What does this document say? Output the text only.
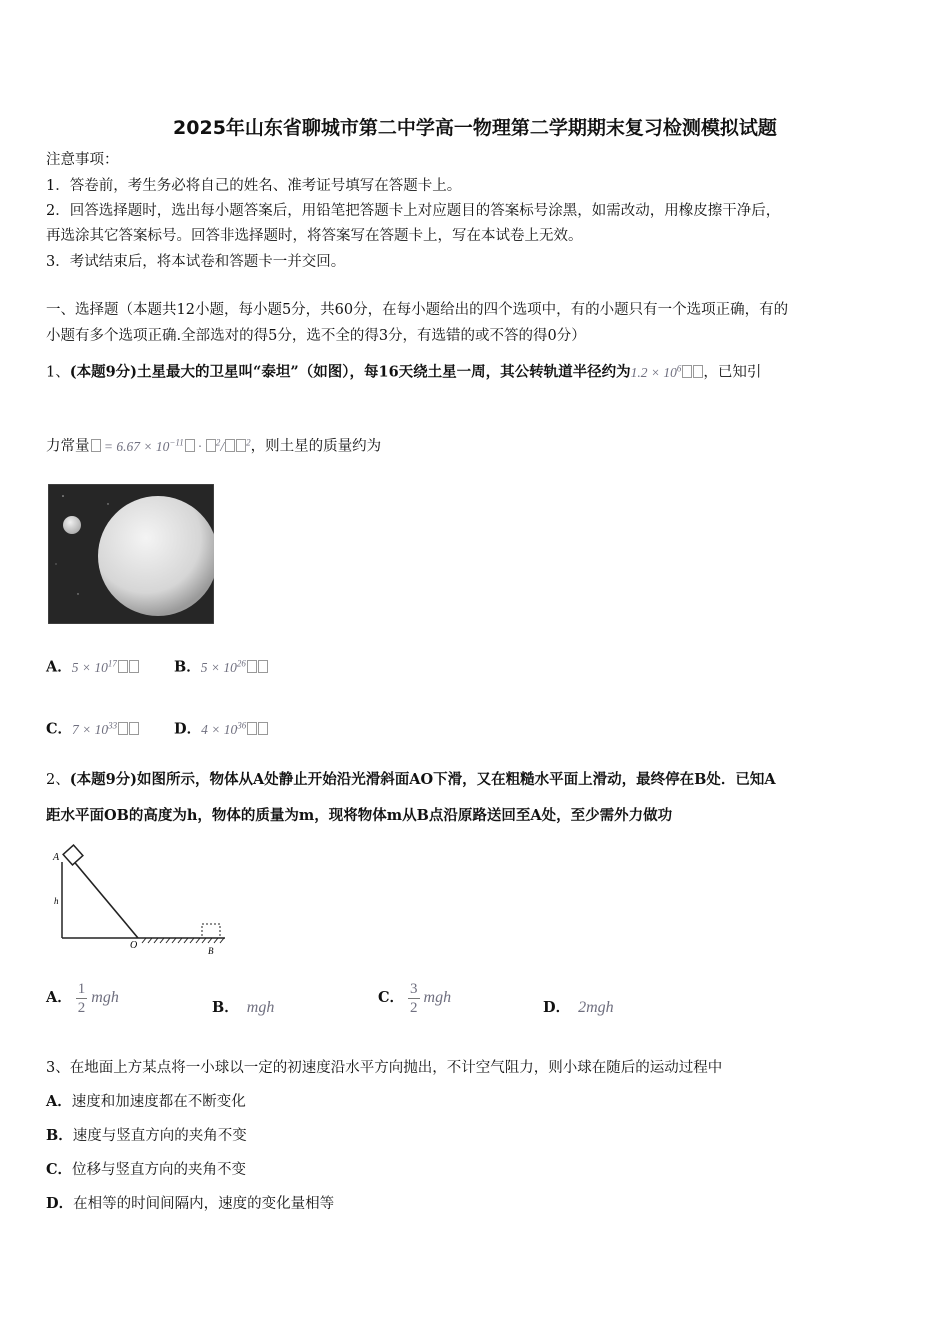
2025年山东省聊城市第二中学高一物理第二学期期末复习检测模拟试题
注意事项：
1．答卷前，考生务必将自己的姓名、准考证号填写在答题卡上。
2．回答选择题时，选出每小题答案后，用铅笔把答题卡上对应题目的答案标号涂黑，如需改动，用橡皮擦干净后，
再选涂其它答案标号。回答非选择题时，将答案写在答题卡上，写在本试卷上无效。
3．考试结束后，将本试卷和答题卡一并交回。
一、选择题（本题共12小题，每小题5分，共60分，在每小题给出的四个选项中，有的小题只有一个选项正确，有的
小题有多个选项正确.全部选对的得5分，选不全的得3分，有选错的或不答的得0分）
1、(本题9分)土星最大的卫星叫“泰坦”（如图），每16天绕土星一周，其公转轨道半径约为$1.2 \times 10^6$ ，已知引
力常量 = $6.67 \times 10^{-11} \cdot ^2/$ $^2$，则土星的质量约为
A．$5 \times 10^{17}$	B．$5 \times 10^{26}$
C．$7 \times 10^{33}$	D．$4 \times 10^{36}$
2、(本题9分)如图所示，物体从A处静止开始沿光滑斜面AO下滑，又在粗糙水平面上滑动，最终停在B处．已知A
距水平面OB的高度为h，物体的质量为m，现将物体m从B点沿原路送回至A处，至少需外力做功
A
h
O	B
A． $\frac{1}{2}$ mgh
B． mgh
C． $\frac{3}{2}$ mgh
D． 2mgh
3、在地面上方某点将一小球以一定的初速度沿水平方向抛出，不计空气阻力，则小球在随后的运动过程中
A．速度和加速度都在不断变化
B．速度与竖直方向的夹角不变
C．位移与竖直方向的夹角不变
D．在相等的时间间隔内，速度的变化量相等
